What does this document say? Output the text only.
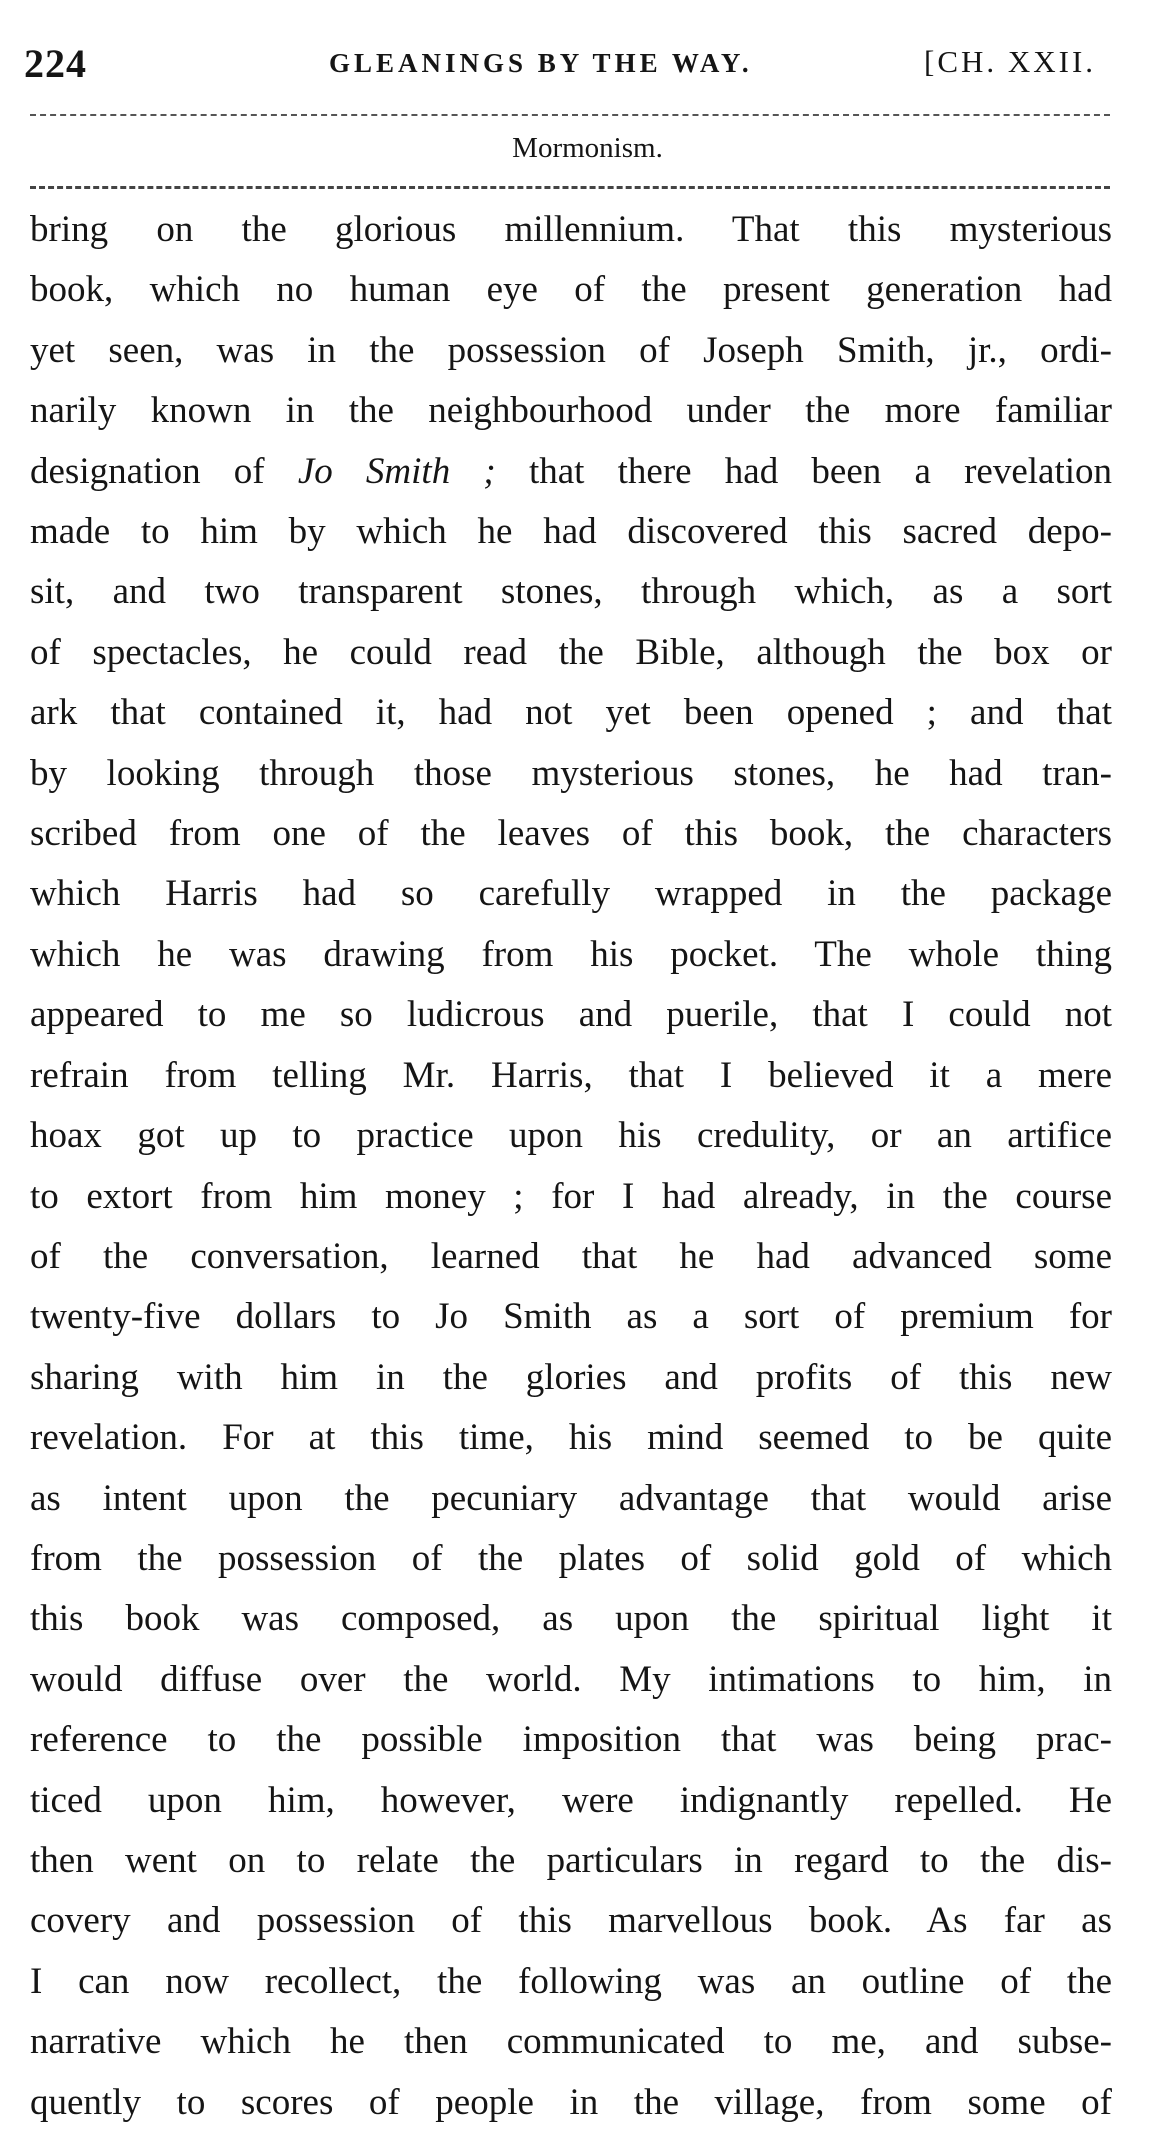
224	GLEANINGS BY THE WAY.	[CH. XXII.
Mormonism.
bring on the glorious millennium. That this mysterious
book, which no human eye of the present generation had
yet seen, was in the possession of Joseph Smith, jr., ordi-
narily known in the neighbourhood under the more familiar
designation of Jo Smith ; that there had been a revelation
made to him by which he had discovered this sacred depo-
sit, and two transparent stones, through which, as a sort
of spectacles, he could read the Bible, although the box or
ark that contained it, had not yet been opened ; and that
by looking through those mysterious stones, he had tran-
scribed from one of the leaves of this book, the characters
which Harris had so carefully wrapped in the package
which he was drawing from his pocket. The whole thing
appeared to me so ludicrous and puerile, that I could not
refrain from telling Mr. Harris, that I believed it a mere
hoax got up to practice upon his credulity, or an artifice
to extort from him money ; for I had already, in the course
of the conversation, learned that he had advanced some
twenty-five dollars to Jo Smith as a sort of premium for
sharing with him in the glories and profits of this new
revelation. For at this time, his mind seemed to be quite
as intent upon the pecuniary advantage that would arise
from the possession of the plates of solid gold of which
this book was composed, as upon the spiritual light it
would diffuse over the world. My intimations to him, in
reference to the possible imposition that was being prac-
ticed upon him, however, were indignantly repelled. He
then went on to relate the particulars in regard to the dis-
covery and possession of this marvellous book. As far as
I can now recollect, the following was an outline of the
narrative which he then communicated to me, and subse-
quently to scores of people in the village, from some of
